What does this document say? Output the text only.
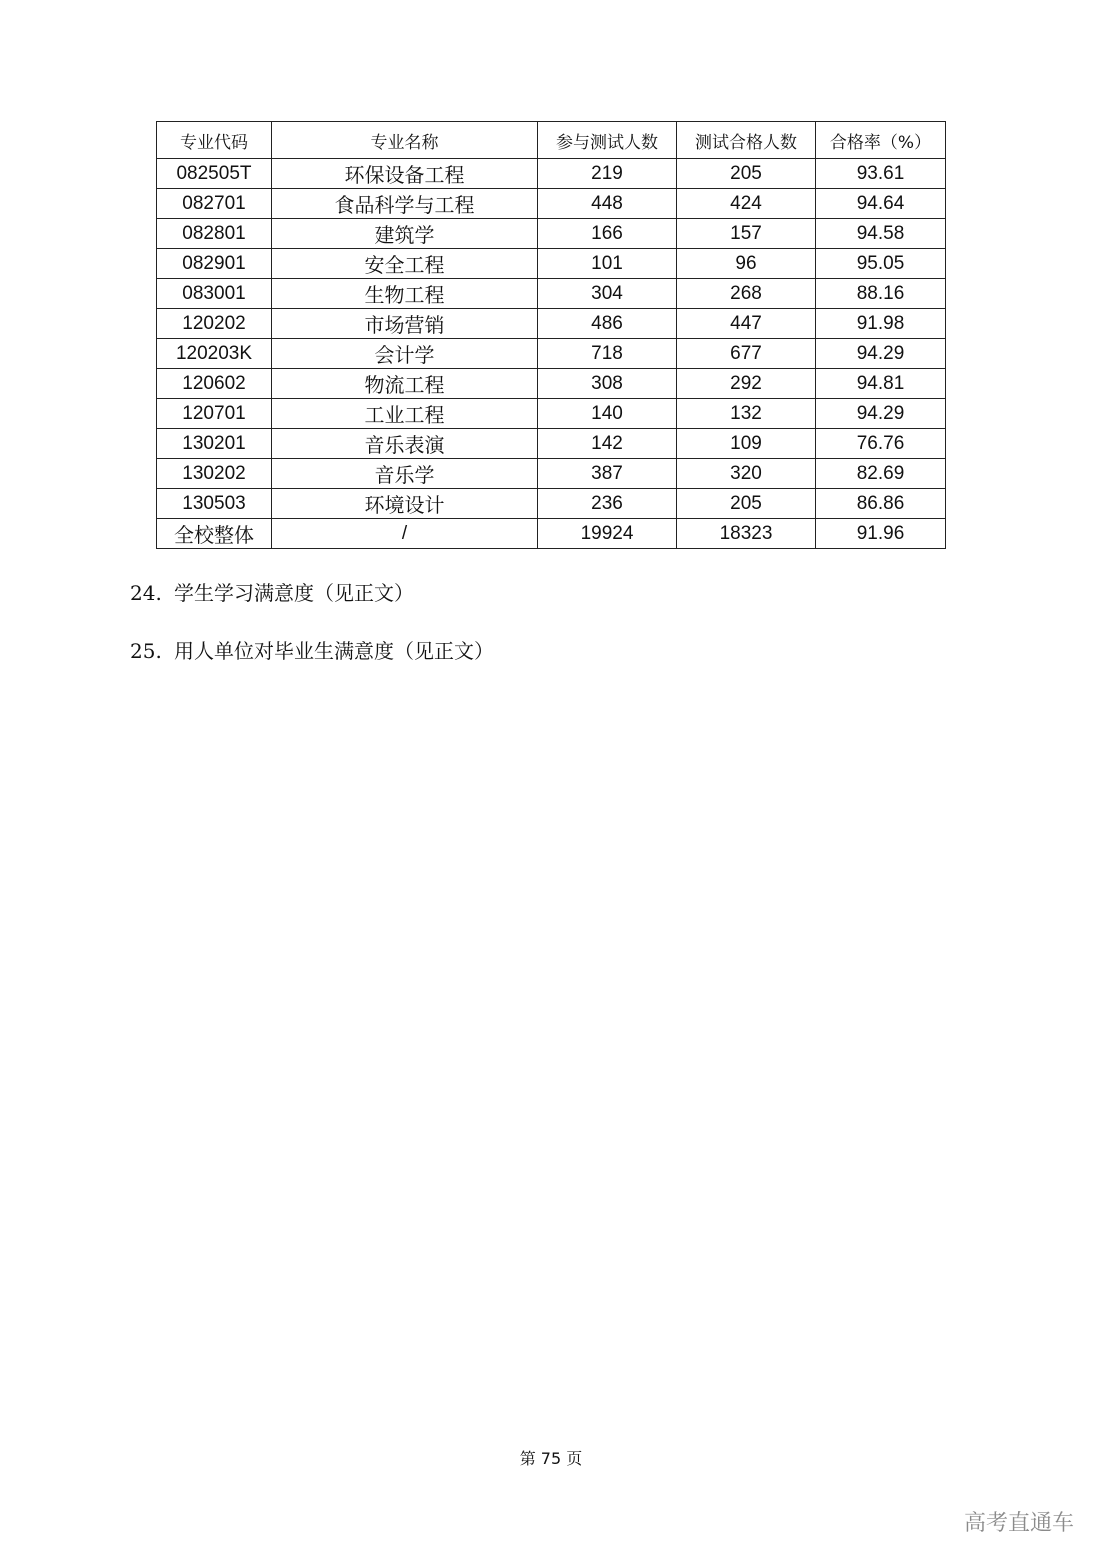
专业代码	专业名称	参与测试人数	测试合格人数	合格率（%）
082505T	环保设备工程	219	205	93.61
082701	食品科学与工程	448	424	94.64
082801	建筑学	166	157	94.58
082901	安全工程	101	96	95.05
083001	生物工程	304	268	88.16
120202	市场营销	486	447	91.98
120203K	会计学	718	677	94.29
120602	物流工程	308	292	94.81
120701	工业工程	140	132	94.29
130201	音乐表演	142	109	76.76
130202	音乐学	387	320	82.69
130503	环境设计	236	205	86.86
全校整体	/	19924	18323	91.96
24. 学生学习满意度（见正文）
25. 用人单位对毕业生满意度（见正文）
第 75 页
高考直通车
